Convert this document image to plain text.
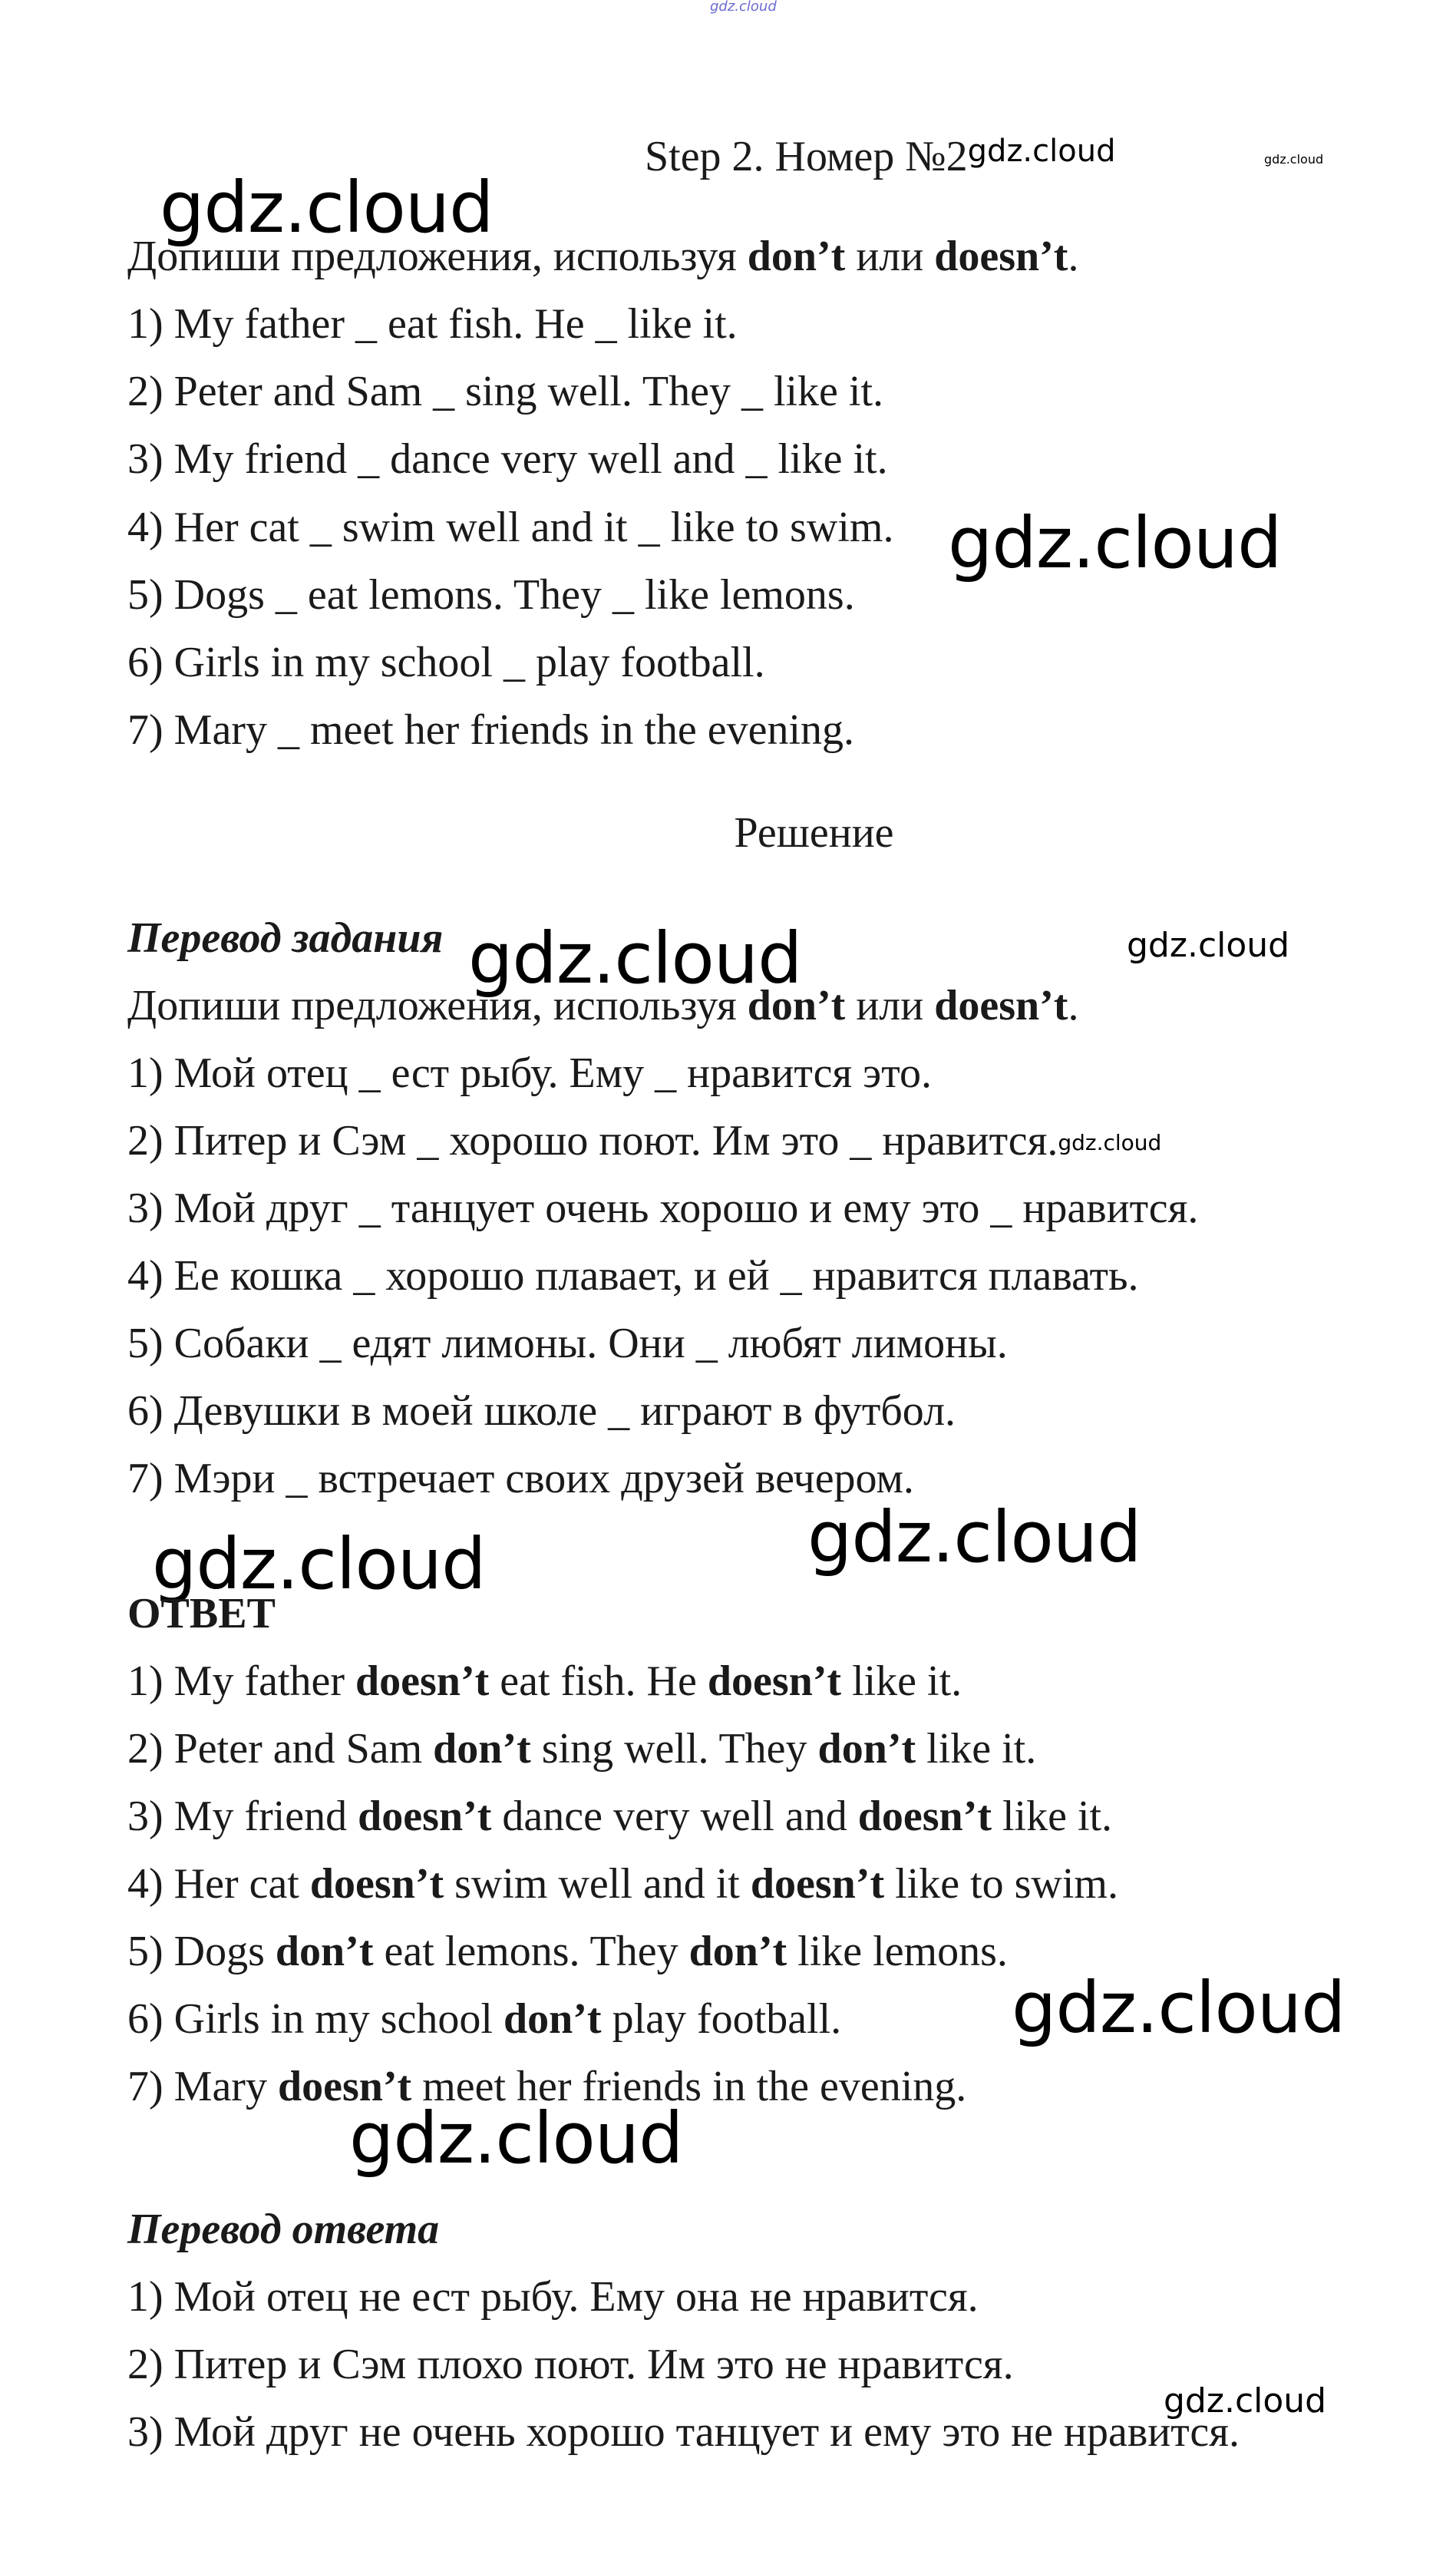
gdz.cloud
Step 2. Номер $№2^{gdz.cloud}$	gdz.cloud
gdz.cloud
Допиши предложения, используя don’t или doesn’t.
1) My father _ eat fish. He _ like it.
2) Peter and Sam _ sing well. They _ like it.
3) My friend _ dance very well and _ like it.
4) Her cat _ swim well and it _ like to swim.
5) Dogs _ eat lemons. They _ like lemons.
6) Girls in my school _ play football.
7) Mary _ meet her friends in the evening.
gdz.cloud
Решение
Перевод задания gdz.cloud	gdz.cloud
Допиши предложения, используя don’t или doesn’t.
1) Мой отец _ ест рыбу. Ему _ нравится это.
2) Питер и Сэм _ хорошо поют. Им это _ нравится.gdz.cloud
3) Мой друг _ танцует очень хорошо и ему это _ нравится.
4) Ее кошка _ хорошо плавает, и ей _ нравится плавать.
5) Собаки _ едят лимоны. Они _ любят лимоны.
6) Девушки в моей школе _ играют в футбол.
7) Мэри _ встречает своих друзей вечером.
gdz.cloud	gdz.cloud
ОТВЕТ
1) My father doesn’t eat fish. He doesn’t like it.
2) Peter and Sam don’t sing well. They don’t like it.
3) My friend doesn’t dance very well and doesn’t like it.
4) Her cat doesn’t swim well and it doesn’t like to swim.
5) Dogs don’t eat lemons. They don’t like lemons.
6) Girls in my school don’t play football.
7) Mary doesn’t meet her friends in the evening.
gdz.cloud
gdz.cloud
Перевод ответа
1) Мой отец не ест рыбу. Ему она не нравится.
2) Питер и Сэм плохо поют. Им это не нравится.
gdz.cloud
3) Мой друг не очень хорошо танцует и ему это не нравится.
